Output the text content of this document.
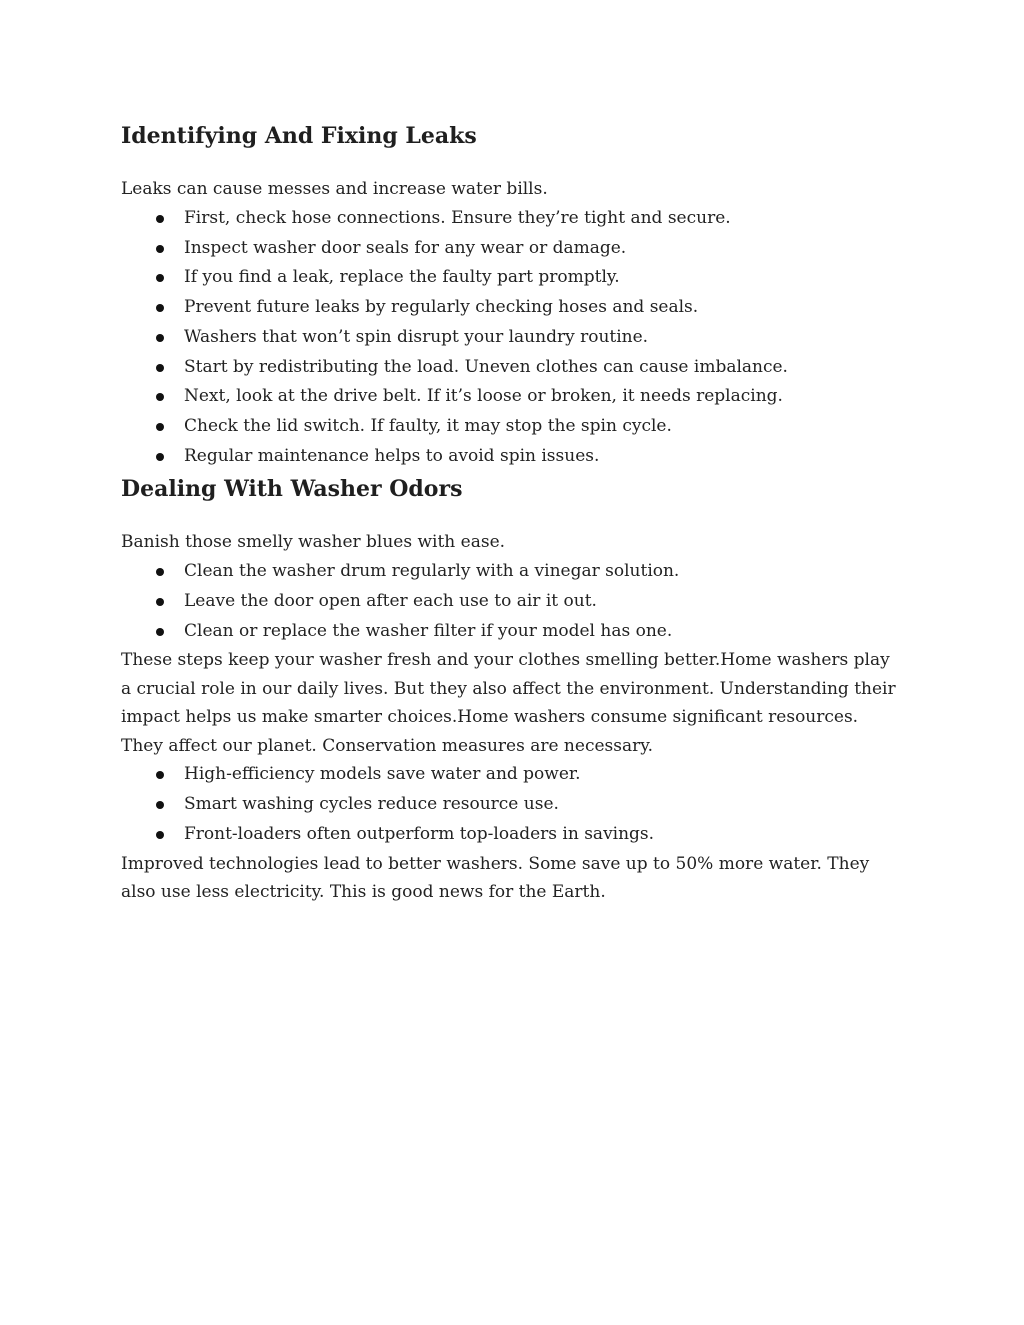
Identifying And Fixing Leaks

Leaks can cause messes and increase water bills.

First, check hose connections. Ensure they’re tight and secure.
Inspect washer door seals for any wear or damage.
If you find a leak, replace the faulty part promptly.
Prevent future leaks by regularly checking hoses and seals.
Washers that won’t spin disrupt your laundry routine.
Start by redistributing the load. Uneven clothes can cause imbalance.
Next, look at the drive belt. If it’s loose or broken, it needs replacing.
Check the lid switch. If faulty, it may stop the spin cycle.
Regular maintenance helps to avoid spin issues.
Dealing With Washer Odors

Banish those smelly washer blues with ease.

Clean the washer drum regularly with a vinegar solution.
Leave the door open after each use to air it out.
Clean or replace the washer filter if your model has one.

These steps keep your washer fresh and your clothes smelling better.Home washers play a crucial role in our daily lives. But they also affect the environment. Understanding their impact helps us make smarter choices.Home washers consume significant resources. They affect our planet. Conservation measures are necessary.

High-efficiency models save water and power.
Smart washing cycles reduce resource use.
Front-loaders often outperform top-loaders in savings.

Improved technologies lead to better washers. Some save up to 50% more water. They also use less electricity. This is good news for the Earth.
